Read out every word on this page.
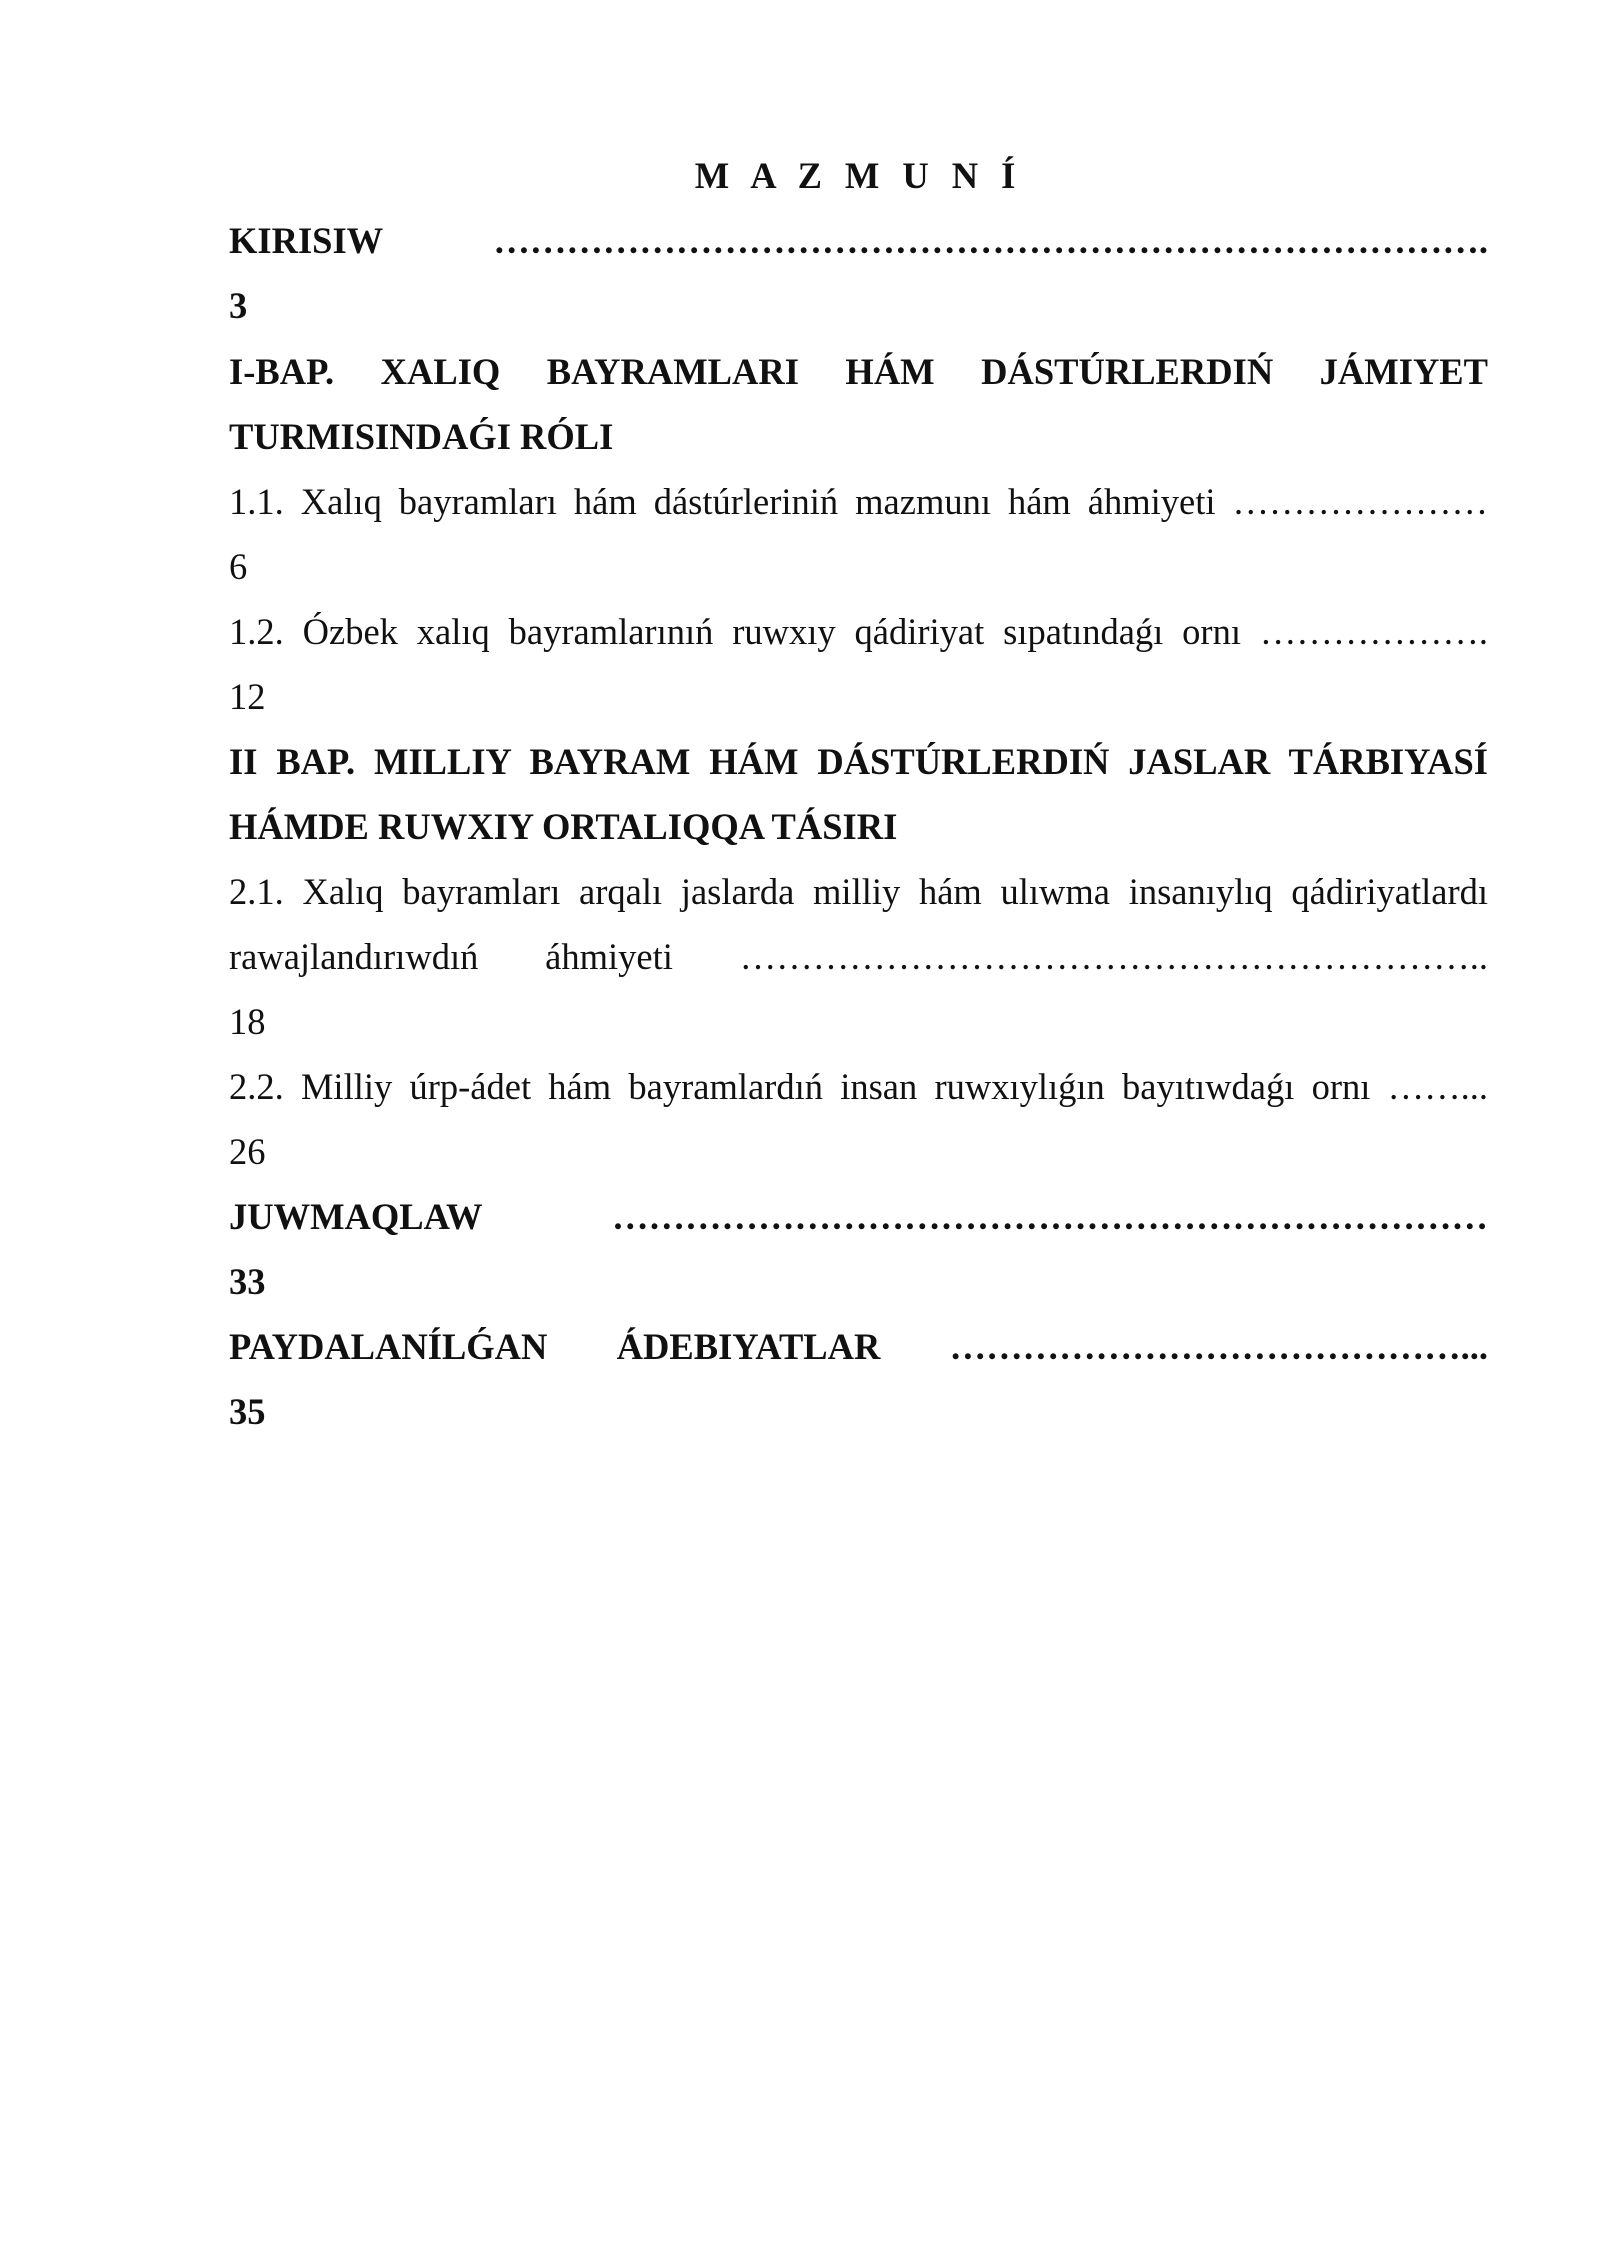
M A Z M U N Í
KIRISIW ……………………………………………………………………….
3
I-BAP. XALIQ BAYRAMLARI HÁM DÁSTÚRLERDIŃ JÁMIYET
TURMISINDAǴI RÓLI
1.1. Xalıq bayramları hám dástúrleriniń mazmunı hám áhmiyeti …………………
6
1.2. Ózbek xalıq bayramlarınıń ruwxıy qádiriyat sıpatındaǵı ornı ……………….
12
II BAP. MILLIY BAYRAM HÁM DÁSTÚRLERDIŃ JASLAR TÁRBIYASÍ
HÁMDE RUWXIY ORTALIQQA TÁSIRI
2.1. Xalıq bayramları arqalı jaslarda milliy hám ulıwma insanıylıq qádiriyatlardı
rawajlandırıwdıń áhmiyeti ……………………………………………………..
18
2.2. Milliy úrp-ádet hám bayramlardıń insan ruwxıylıǵın bayıtıwdaǵı ornı ……...
26
JUWMAQLAW ………………………………………………………………
33
PAYDALANÍLǴAN ÁDEBIYATLAR ……………………………………...
35
